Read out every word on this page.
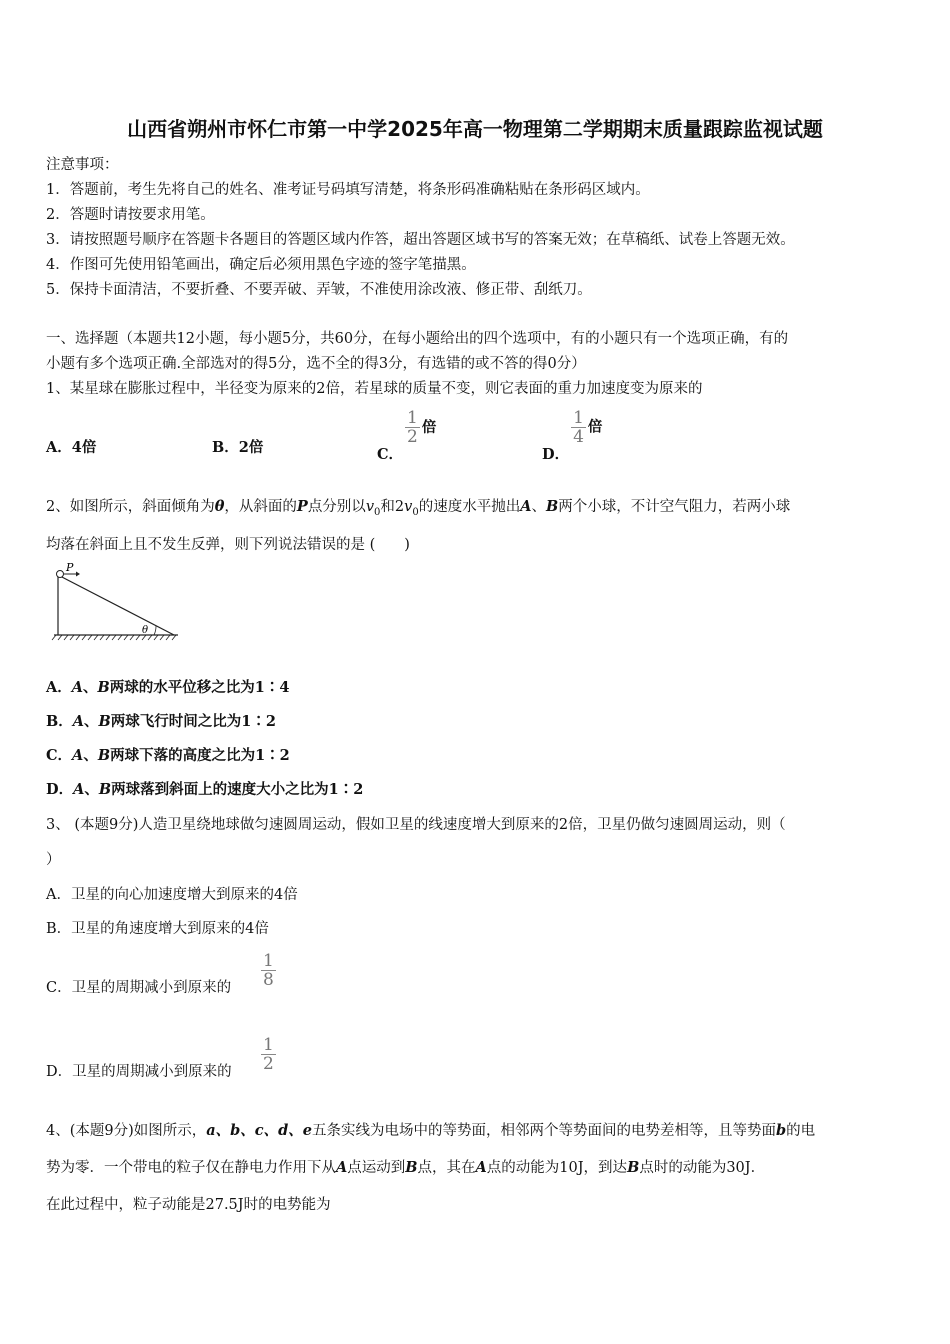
山西省朔州市怀仁市第一中学2025年高一物理第二学期期末质量跟踪监视试题
注意事项：
1．答题前，考生先将自己的姓名、准考证号码填写清楚，将条形码准确粘贴在条形码区域内。
2．答题时请按要求用笔。
3．请按照题号顺序在答题卡各题目的答题区域内作答，超出答题区域书写的答案无效；在草稿纸、试卷上答题无效。
4．作图可先使用铅笔画出，确定后必须用黑色字迹的签字笔描黑。
5．保持卡面清洁，不要折叠、不要弄破、弄皱，不准使用涂改液、修正带、刮纸刀。
一、选择题（本题共12小题，每小题5分，共60分，在每小题给出的四个选项中，有的小题只有一个选项正确，有的
小题有多个选项正确.全部选对的得5分，选不全的得3分，有选错的或不答的得0分）
1、某星球在膨胀过程中，半径变为原来的2倍，若星球的质量不变，则它表面的重力加速度变为原来的
A．4倍	B．2倍	C．
$\frac{1}{2}$ 倍
D．
$\frac{1}{4}$ 倍
2、如图所示，斜面倾角为θ，从斜面的P点分别以$v_0$和$2v_0$的速度水平抛出A、B两个小球，不计空气阻力，若两小球
均落在斜面上且不发生反弹，则下列说法错误的是 (　　)
P
θ
A．A、B两球的水平位移之比为1∶4
B．A、B两球飞行时间之比为1∶2
C．A、B两球下落的高度之比为1∶2
D．A、B两球落到斜面上的速度大小之比为1∶2
3、 (本题9分)人造卫星绕地球做匀速圆周运动，假如卫星的线速度增大到原来的2倍，卫星仍做匀速圆周运动，则（
）
A．卫星的向心加速度增大到原来的4倍
B．卫星的角速度增大到原来的4倍
C．卫星的周期减小到原来的 $\frac{1}{8}$
D．卫星的周期减小到原来的 $\frac{1}{2}$
4、(本题9分)如图所示，a、b、c、d、e五条实线为电场中的等势面，相邻两个等势面间的电势差相等，且等势面b的电
势为零．一个带电的粒子仅在静电力作用下从A点运动到B点，其在A点的动能为10J，到达B点时的动能为30J．
在此过程中，粒子动能是27.5J时的电势能为
